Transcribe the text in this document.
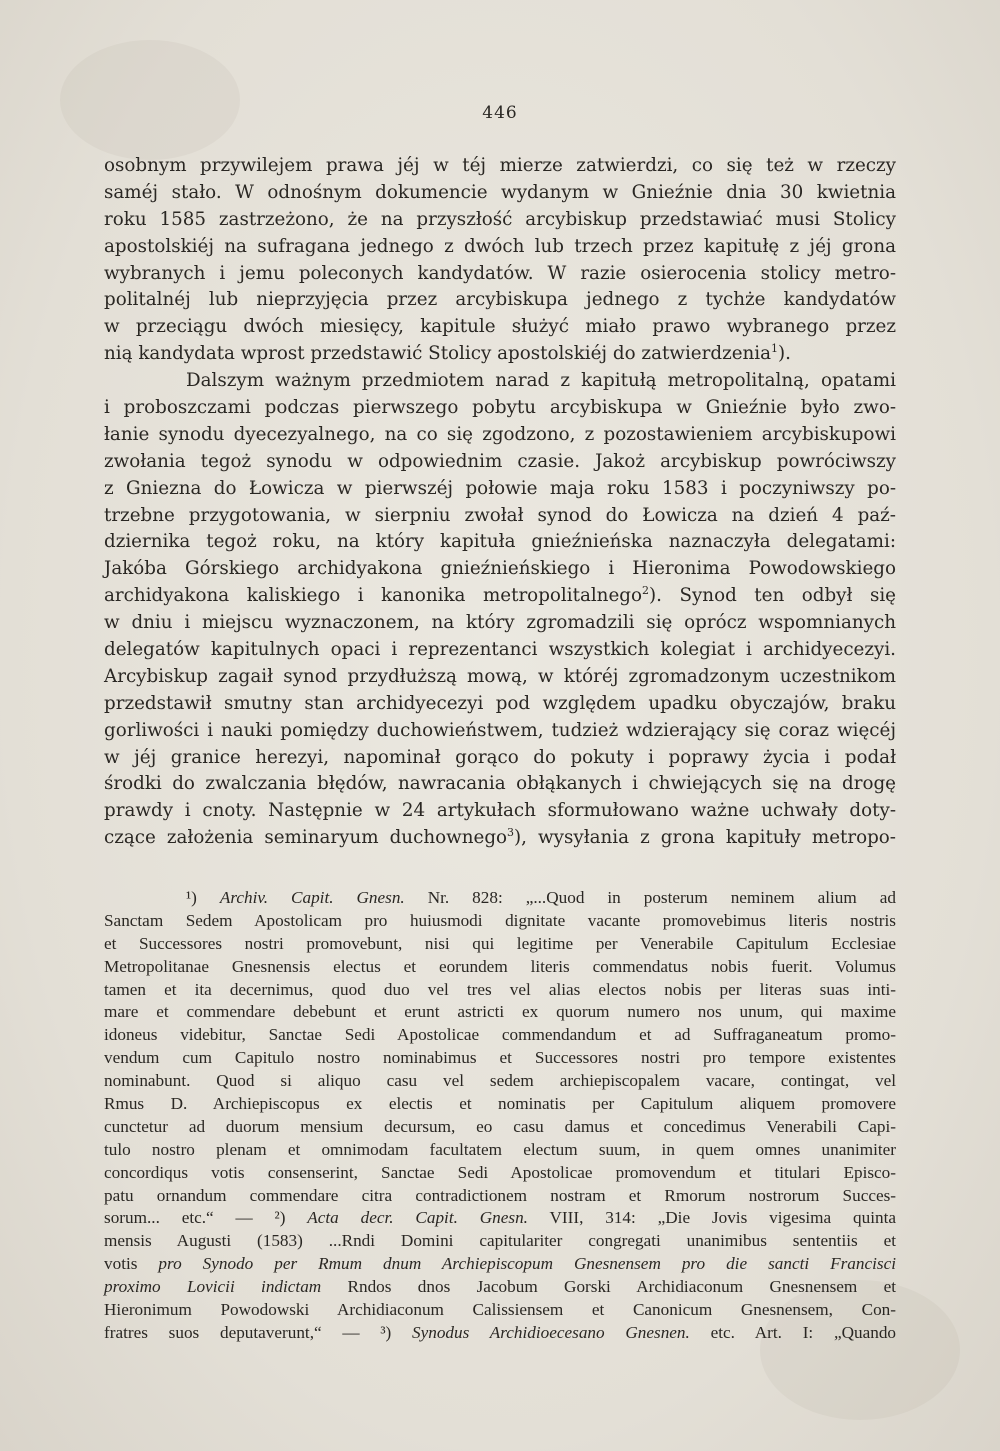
446
osobnym przywilejem prawa jéj w téj mierze zatwierdzi, co się też w rzeczy
saméj stało. W odnośnym dokumencie wydanym w Gnieźnie dnia 30 kwietnia
roku 1585 zastrzeżono, że na przyszłość arcybiskup przedstawiać musi Stolicy
apostolskiéj na sufragana jednego z dwóch lub trzech przez kapitułę z jéj grona
wybranych i jemu poleconych kandydatów. W razie osierocenia stolicy metro-
politalnéj lub nieprzyjęcia przez arcybiskupa jednego z tychże kandydatów
w przeciągu dwóch miesięcy, kapitule służyć miało prawo wybranego przez
nią kandydata wprost przedstawić Stolicy apostolskiéj do zatwierdzenia$^1$).
Dalszym ważnym przedmiotem narad z kapitułą metropolitalną, opatami
i proboszczami podczas pierwszego pobytu arcybiskupa w Gnieźnie było zwo-
łanie synodu dyecezyalnego, na co się zgodzono, z pozostawieniem arcybiskupowi
zwołania tegoż synodu w odpowiednim czasie. Jakoż arcybiskup powróciwszy
z Gniezna do Łowicza w pierwszéj połowie maja roku 1583 i poczyniwszy po-
trzebne przygotowania, w sierpniu zwołał synod do Łowicza na dzień 4 paź-
dziernika tegoż roku, na który kapituła gnieźnieńska naznaczyła delegatami:
Jakóba Górskiego archidyakona gnieźnieńskiego i Hieronima Powodowskiego
archidyakona kaliskiego i kanonika metropolitalnego$^2$). Synod ten odbył się
w dniu i miejscu wyznaczonem, na który zgromadzili się oprócz wspomnianych
delegatów kapitulnych opaci i reprezentanci wszystkich kolegiat i archidyecezyi.
Arcybiskup zagaił synod przydłuższą mową, w któréj zgromadzonym uczestnikom
przedstawił smutny stan archidyecezyi pod względem upadku obyczajów, braku
gorliwości i nauki pomiędzy duchowieństwem, tudzież wdzierający się coraz więcéj
w jéj granice herezyi, napominał gorąco do pokuty i poprawy życia i podał
środki do zwalczania błędów, nawracania obłąkanych i chwiejących się na drogę
prawdy i cnoty. Następnie w 24 artykułach sformułowano ważne uchwały doty-
czące założenia seminaryum duchownego$^3$), wysyłania z grona kapituły metropo-
¹) Archiv. Capit. Gnesn. Nr. 828: „...Quod in posterum neminem alium ad
Sanctam Sedem Apostolicam pro huiusmodi dignitate vacante promovebimus literis nostris
et Successores nostri promovebunt, nisi qui legitime per Venerabile Capitulum Ecclesiae
Metropolitanae Gnesnensis electus et eorundem literis commendatus nobis fuerit. Volumus
tamen et ita decernimus, quod duo vel tres vel alias electos nobis per literas suas inti-
mare et commendare debebunt et erunt astricti ex quorum numero nos unum, qui maxime
idoneus videbitur, Sanctae Sedi Apostolicae commendandum et ad Suffraganeatum promo-
vendum cum Capitulo nostro nominabimus et Successores nostri pro tempore existentes
nominabunt. Quod si aliquo casu vel sedem archiepiscopalem vacare, contingat, vel
Rmus D. Archiepiscopus ex electis et nominatis per Capitulum aliquem promovere
cunctetur ad duorum mensium decursum, eo casu damus et concedimus Venerabili Capi-
tulo nostro plenam et omnimodam facultatem electum suum, in quem omnes unanimiter
concordiqus votis consenserint, Sanctae Sedi Apostolicae promovendum et titulari Episco-
patu ornandum commendare citra contradictionem nostram et Rmorum nostrorum Succes-
sorum... etc.“ — ²) Acta decr. Capit. Gnesn. VIII, 314: „Die Jovis vigesima quinta
mensis Augusti (1583) ...Rndi Domini capitulariter congregati unanimibus sententiis et
votis pro Synodo per Rmum dnum Archiepiscopum Gnesnensem pro die sancti Francisci
proximo Lovicii indictam Rndos dnos Jacobum Gorski Archidiaconum Gnesnensem et
Hieronimum Powodowski Archidiaconum Calissiensem et Canonicum Gnesnensem, Con-
fratres suos deputaverunt,“ — ³) Synodus Archidioecesano Gnesnen. etc. Art. I: „Quando
